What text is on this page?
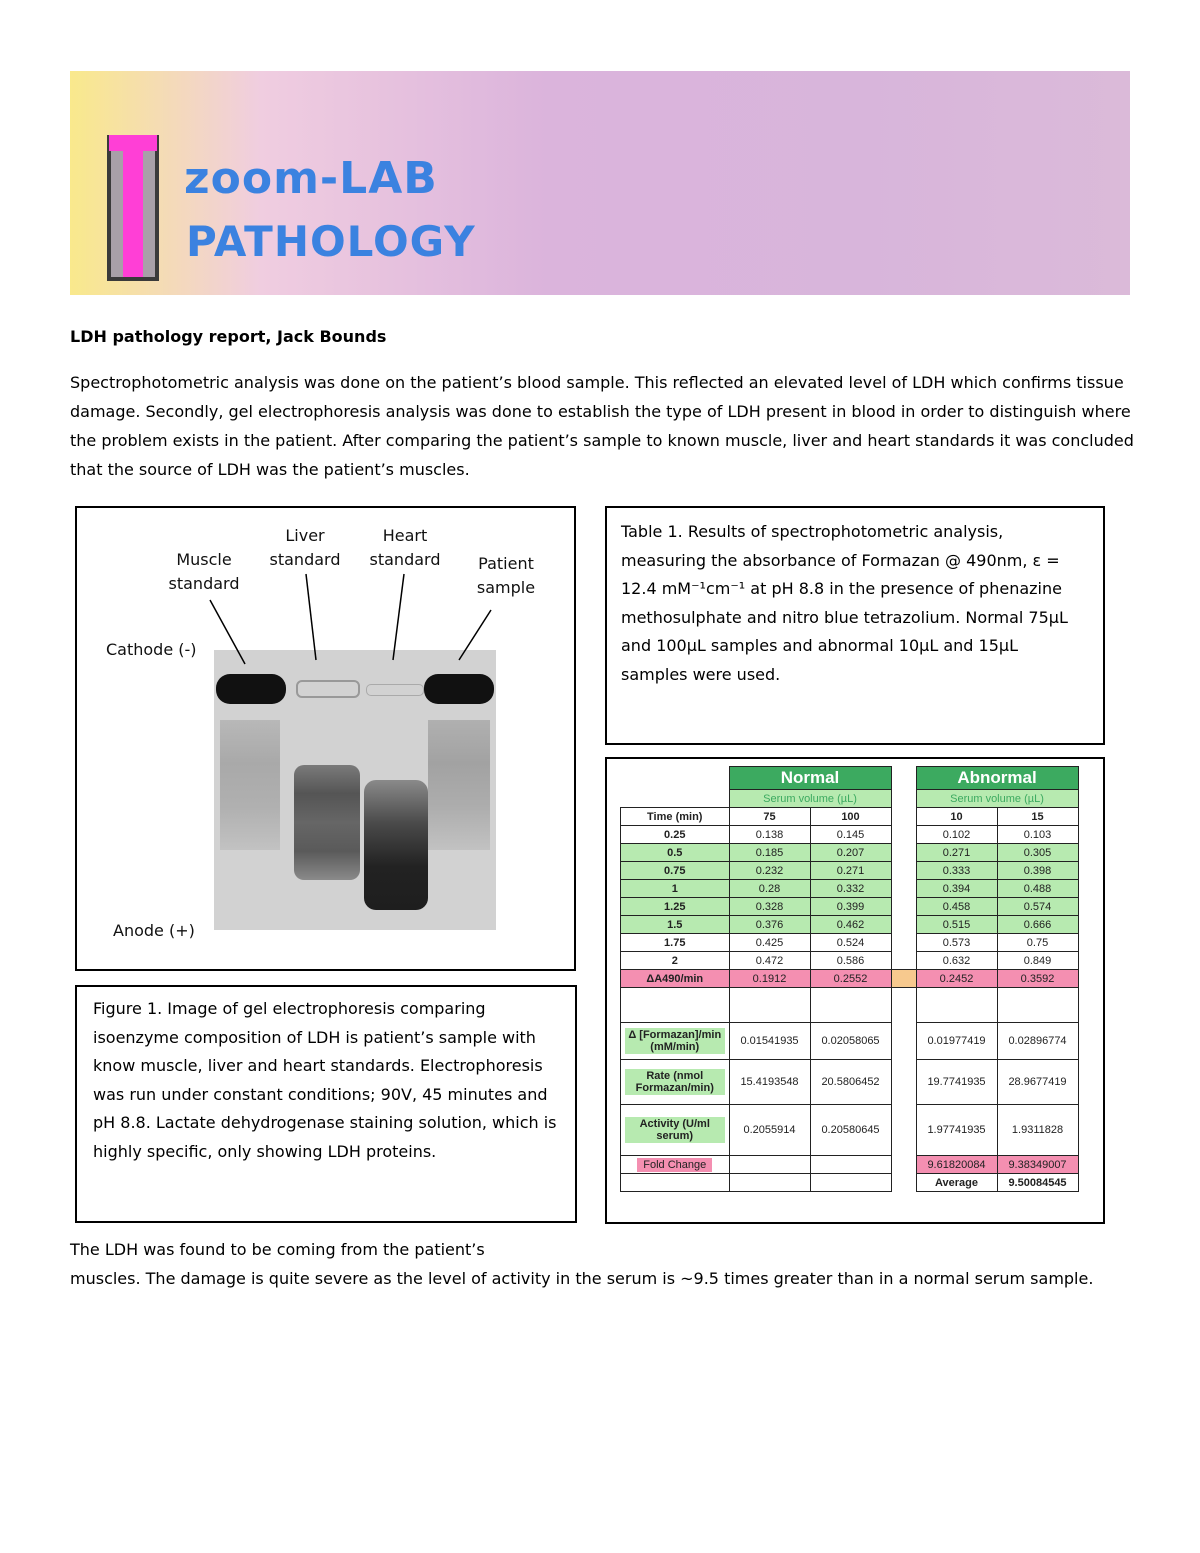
zoom-LAB
PATHOLOGY
LDH pathology report, Jack Bounds
Spectrophotometric analysis was done on the patient’s blood sample. This reflected an elevated level of LDH which confirms tissue damage. Secondly, gel electrophoresis analysis was done to establish the type of LDH present in blood in order to distinguish where the problem exists in the patient. After comparing the patient’s sample to known muscle, liver and heart standards it was concluded that the source of LDH was the patient’s muscles.
Muscle standard
Liver standard
Heart standard	Patient sample
Cathode (-)
Anode (+)
Figure 1. Image of gel electrophoresis comparing isoenzyme composition of LDH is patient’s sample with know muscle, liver and heart standards. Electrophoresis was run under constant conditions; 90V, 45 minutes and pH 8.8. Lactate dehydrogenase staining solution, which is highly specific, only showing LDH proteins.
Table 1. Results of spectrophotometric analysis, measuring the absorbance of Formazan @ 490nm, ε = 12.4 mM⁻¹cm⁻¹ at pH 8.8 in the presence of phenazine methosulphate and nitro blue tetrazolium. Normal 75µL and 100µL samples and abnormal 10µL and 15µL samples were used.
	Normal			Abnormal	
	Serum volume (µL)			Serum volume (µL)	
Time (min)	75	100		10	15
0.25	0.138	0.145		0.102	0.103
0.5	0.185	0.207		0.271	0.305
0.75	0.232	0.271		0.333	0.398
1	0.28	0.332		0.394	0.488
1.25	0.328	0.399		0.458	0.574
1.5	0.376	0.462		0.515	0.666
1.75	0.425	0.524		0.573	0.75
2	0.472	0.586		0.632	0.849
ΔA490/min	0.1912	0.2552		0.2452	0.3592

Δ [Formazan]/min (mM/min)	0.01541935	0.02058065		0.01977419	0.02896774
Rate (nmol Formazan/min)	15.4193548	20.5806452		19.7741935	28.9677419
Activity (U/ml serum)	0.2055914	0.20580645		1.97741935	1.9311828
Fold Change				9.61820084	9.38349007
				Average	9.50084545
The LDH was found to be coming from the patient’s
muscles. The damage is quite severe as the level of activity in the serum is ~9.5 times greater than in a normal serum sample.
